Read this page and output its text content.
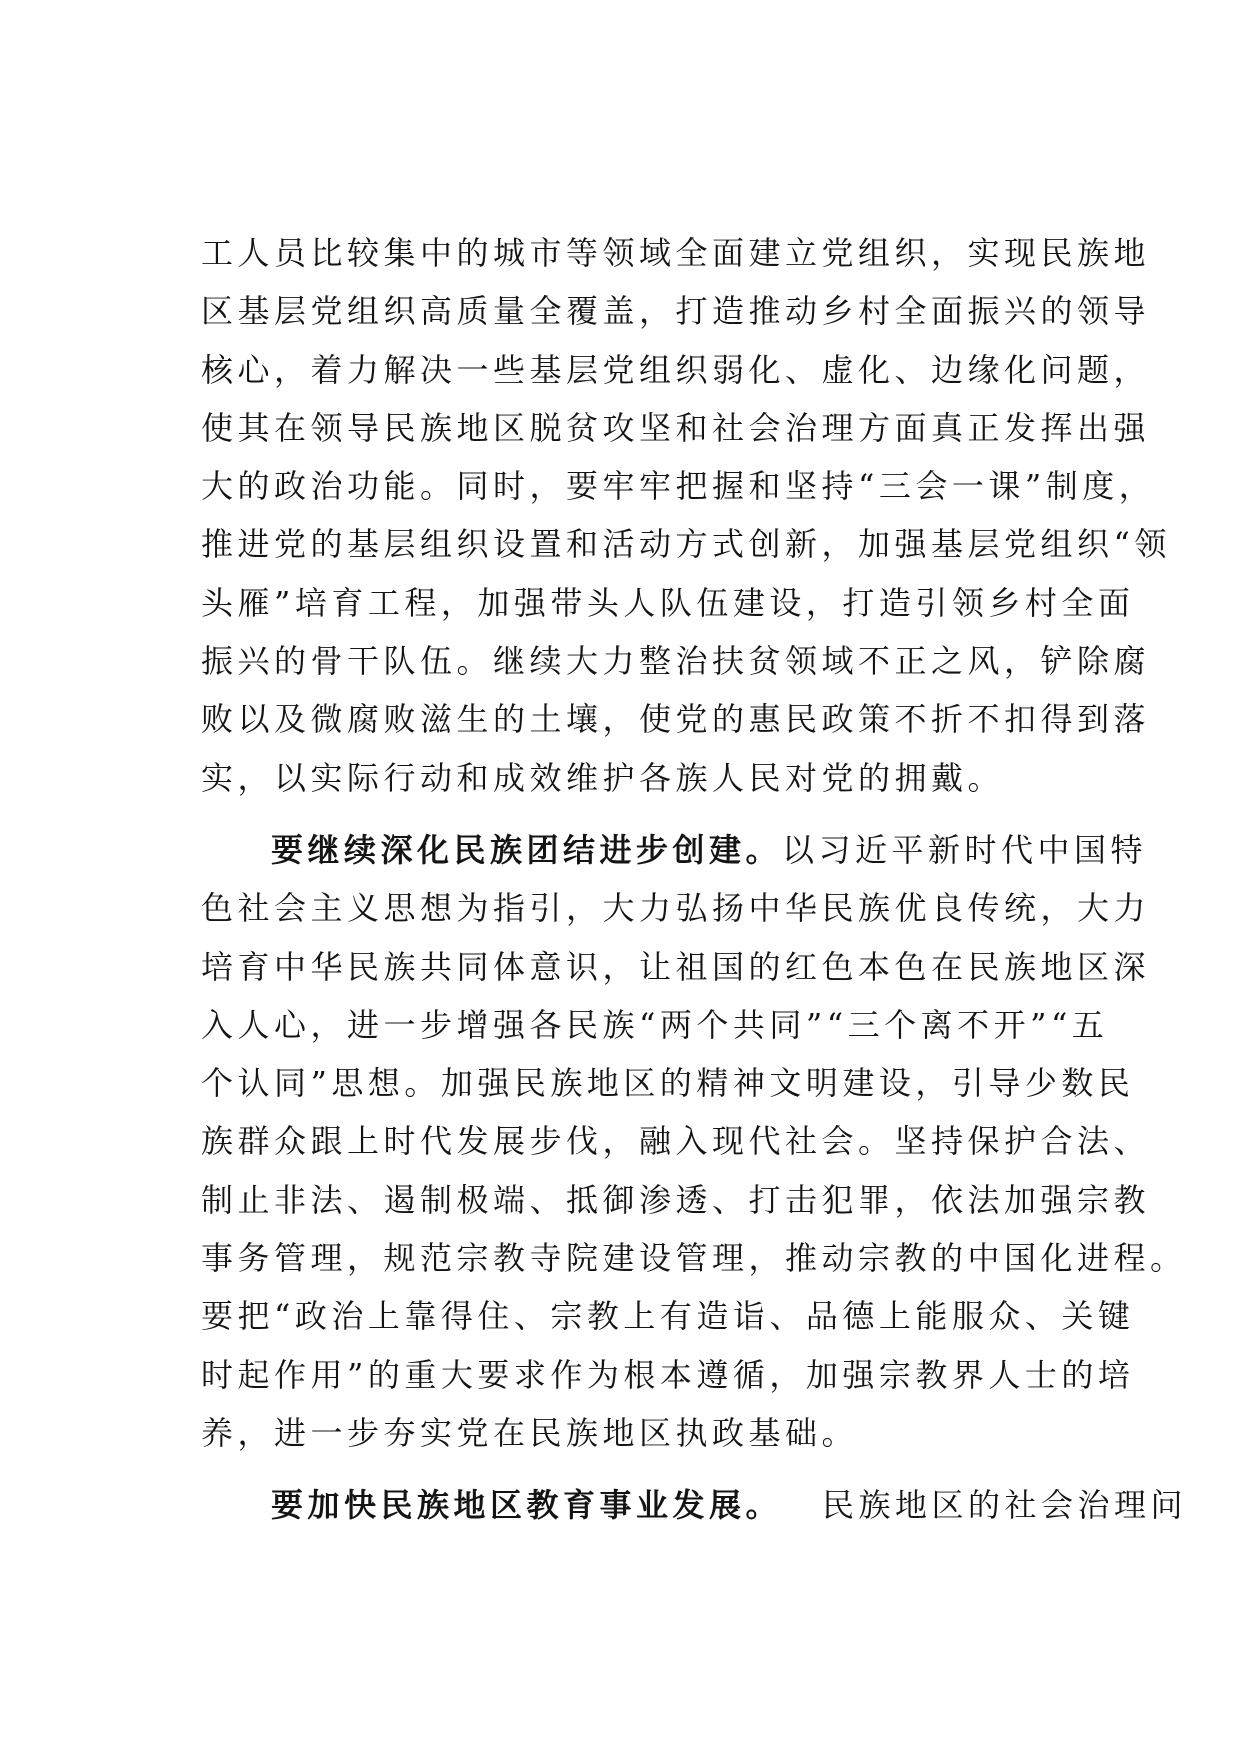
工人员比较集中的城市等领域全面建立党组织，实现民族地
区基层党组织高质量全覆盖，打造推动乡村全面振兴的领导
核心，着力解决一些基层党组织弱化、虚化、边缘化问题，
使其在领导民族地区脱贫攻坚和社会治理方面真正发挥出强
大的政治功能。同时，要牢牢把握和坚持“三会一课”制度，
推进党的基层组织设置和活动方式创新，加强基层党组织“领
头雁”培育工程，加强带头人队伍建设，打造引领乡村全面
振兴的骨干队伍。继续大力整治扶贫领域不正之风，铲除腐
败以及微腐败滋生的土壤，使党的惠民政策不折不扣得到落
实，以实际行动和成效维护各族人民对党的拥戴。
要继续深化民族团结进步创建。以习近平新时代中国特
色社会主义思想为指引，大力弘扬中华民族优良传统，大力
培育中华民族共同体意识，让祖国的红色本色在民族地区深
入人心，进一步增强各民族“两个共同”“三个离不开”“五
个认同”思想。加强民族地区的精神文明建设，引导少数民
族群众跟上时代发展步伐，融入现代社会。坚持保护合法、
制止非法、遏制极端、抵御渗透、打击犯罪，依法加强宗教
事务管理，规范宗教寺院建设管理，推动宗教的中国化进程。
要把“政治上靠得住、宗教上有造诣、品德上能服众、关键
时起作用”的重大要求作为根本遵循，加强宗教界人士的培
养，进一步夯实党在民族地区执政基础。
要加快民族地区教育事业发展。 民族地区的社会治理问
